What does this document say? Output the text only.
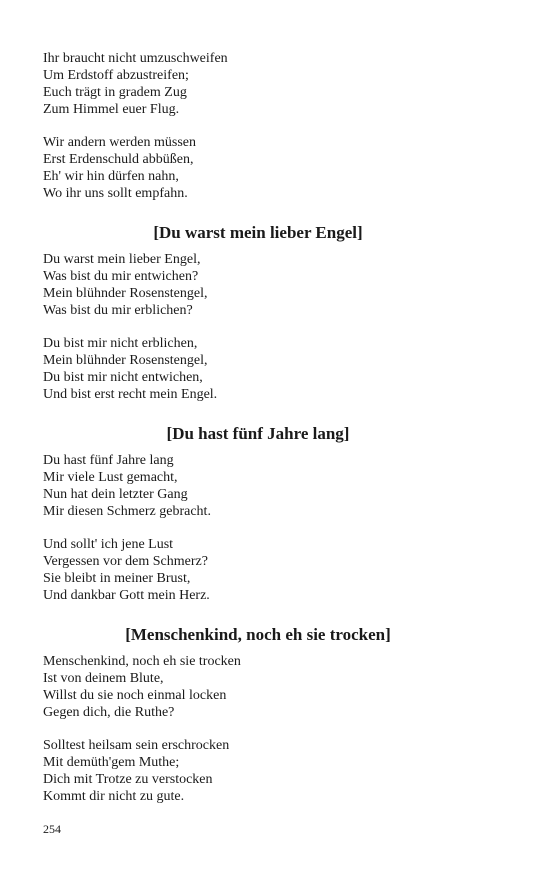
Ihr braucht nicht umzuschweifen

Um Erdstoff abzustreifen;

Euch trägt in gradem Zug

Zum Himmel euer Flug.

Wir andern werden müssen

Erst Erdenschuld abbüßen,

Eh' wir hin dürfen nahn,

Wo ihr uns sollt empfahn.

[Du warst mein lieber Engel]

Du warst mein lieber Engel,

Was bist du mir entwichen?

Mein blühnder Rosenstengel,

Was bist du mir erblichen?

Du bist mir nicht erblichen,

Mein blühnder Rosenstengel,

Du bist mir nicht entwichen,

Und bist erst recht mein Engel.

[Du hast fünf Jahre lang]

Du hast fünf Jahre lang

Mir viele Lust gemacht,

Nun hat dein letzter Gang

Mir diesen Schmerz gebracht.

Und sollt' ich jene Lust

Vergessen vor dem Schmerz?

Sie bleibt in meiner Brust,

Und dankbar Gott mein Herz.

[Menschenkind, noch eh sie trocken]

Menschenkind, noch eh sie trocken

Ist von deinem Blute,

Willst du sie noch einmal locken

Gegen dich, die Ruthe?

Solltest heilsam sein erschrocken

Mit demüth'gem Muthe;

Dich mit Trotze zu verstocken

Kommt dir nicht zu gute.

254
